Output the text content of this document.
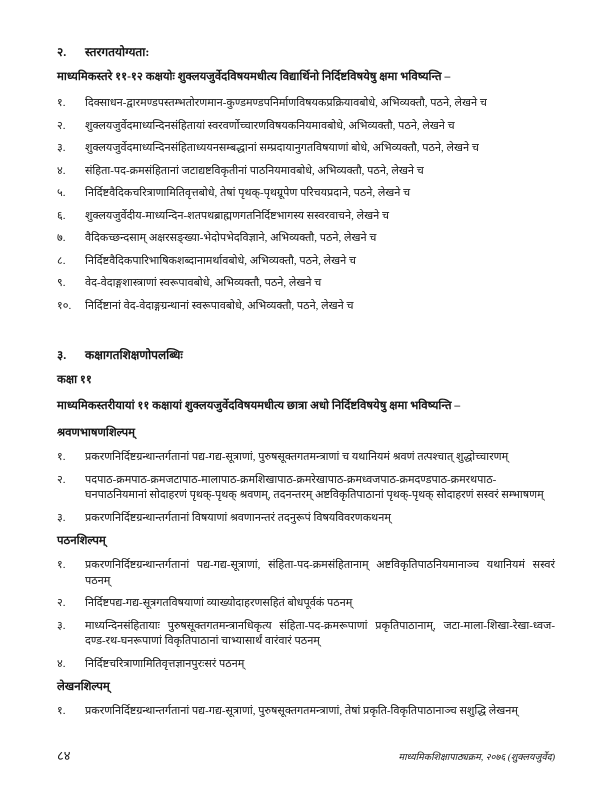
२.	स्तरगतयोग्यता:

माध्यमिकस्तरे ११-१२ कक्षयोः शुक्लयजुर्वेदविषयमधीत्य विद्यार्थिनो निर्दिष्टविषयेषु क्षमा भविष्यन्ति –

१.	दिक्साधन-द्वारमण्डपस्तम्भतोरणमान-कुण्डमण्डपनिर्माणविषयकप्रक्रियावबोधे, अभिव्यक्तौ, पठने, लेखने च
२.	शुक्लयजुर्वेदमाध्यन्दिनसंहितायां स्वरवर्णोच्चारणविषयकनियमावबोधे, अभिव्यक्तौ, पठने, लेखने च
३.	शुक्लयजुर्वेदमाध्यन्दिनसंहिताध्ययनसम्बद्धानां सम्प्रदायानुगतविषयाणां बोधे, अभिव्यक्तौ, पठने, लेखने च
४.	संहिता-पद-क्रमसंहितानां जटाद्यष्टविकृतीनां पाठनियमावबोधे, अभिव्यक्तौ, पठने, लेखने च
५.	निर्दिष्टवैदिकचरित्राणामितिवृत्तबोधे, तेषां पृथक्-पृथग्रूपेण परिचयप्रदाने, पठने, लेखने च
६.	शुक्लयजुर्वेदीय-माध्यन्दिन-शतपथब्राह्मणगतनिर्दिष्टभागस्य सस्वरवाचने, लेखने च
७.	वैदिकच्छन्दसाम् अक्षरसङ्ख्या-भेदोपभेदविज्ञाने, अभिव्यक्तौ, पठने, लेखने च
८.	निर्दिष्टवैदिकपारिभाषिकशब्दानामर्थावबोधे, अभिव्यक्तौ, पठने, लेखने च
९.	वेद-वेदाङ्गशास्त्राणां स्वरूपावबोधे, अभिव्यक्तौ, पठने, लेखने च
१०.	निर्दिष्टानां वेद-वेदाङ्गग्रन्थानां स्वरूपावबोधे, अभिव्यक्तौ, पठने, लेखने च
३.	कक्षागतशिक्षणोपलब्धिः

कक्षा ११

माध्यमिकस्तरीयायां ११ कक्षायां शुक्लयजुर्वेदविषयमधीत्य छात्रा अधो निर्दिष्टविषयेषु क्षमा भविष्यन्ति –

श्रवणभाषणशिल्पम्

१.	प्रकरणनिर्दिष्टग्रन्थान्तर्गतानां पद्य-गद्य-सूत्राणां, पुरुषसूक्तगतमन्त्राणां च यथानियमं श्रवणं तत्पश्चात् शुद्धोच्चारणम्
२.	पदपाठ-क्रमपाठ-क्रमजटापाठ-मालापाठ-क्रमशिखापाठ-क्रमरेखापाठ-क्रमध्वजपाठ-क्रमदण्डपाठ-क्रमरथपाठ-घनपाठनियमानां सोदाहरणं पृथक्-पृथक् श्रवणम्, तदनन्तरम् अष्टविकृतिपाठानां पृथक्-पृथक् सोदाहरणं सस्वरं सम्भाषणम्
३.	प्रकरणनिर्दिष्टग्रन्थान्तर्गतानां विषयाणां श्रवणानन्तरं तदनुरूपं विषयविवरणकथनम्

पठनशिल्पम्

१.	प्रकरणनिर्दिष्टग्रन्थान्तर्गतानां पद्य-गद्य-सूत्राणां, संहिता-पद-क्रमसंहितानाम् अष्टविकृतिपाठनियमानाञ्च यथानियमं सस्वरं पठनम्
२.	निर्दिष्टपद्य-गद्य-सूत्रगतविषयाणां व्याख्योदाहरणसहितं बोधपूर्वकं पठनम्
३.	माध्यन्दिनसंहितायाः पुरुषसूक्तगतमन्त्रानधिकृत्य संहिता-पद-क्रमरूपाणां प्रकृतिपाठानाम्, जटा-माला-शिखा-रेखा-ध्वज-दण्ड-रथ-घनरूपाणां विकृतिपाठानां चाभ्यासार्थं वारंवारं पठनम्
४.	निर्दिष्टचरित्राणामितिवृत्तज्ञानपुरःसरं पठनम्

लेखनशिल्पम्

१.	प्रकरणनिर्दिष्टग्रन्थान्तर्गतानां पद्य-गद्य-सूत्राणां, पुरुषसूक्तगतमन्त्राणां, तेषां प्रकृति-विकृतिपाठानाञ्च सशुद्धि लेखनम्
८४	माध्यमिकशिक्षापाठ्यक्रम, २०७६ (शुक्लयजुर्वेद)
